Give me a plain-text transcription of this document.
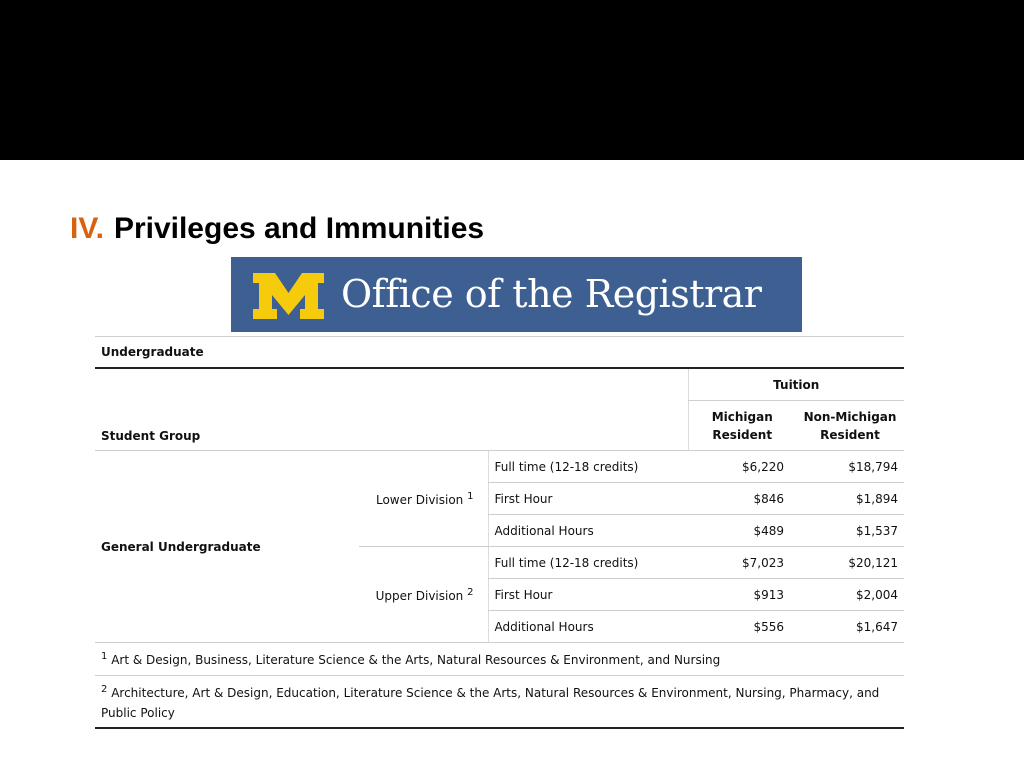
IV. Privileges and Immunities
Office of the Registrar
Undergraduate				
Student Group			Tuition	
			Michigan Resident	Non-Michigan Resident
General Undergraduate	Lower Division $^1$	Full time (12-18 credits)	$6,220	$18,794
		First Hour	$846	$1,894
		Additional Hours	$489	$1,537
	Upper Division $^2$	Full time (12-18 credits)	$7,023	$20,121
		First Hour	$913	$2,004
		Additional Hours	$556	$1,647
$^1$ Art & Design, Business, Literature Science & the Arts, Natural Resources & Environment, and Nursing				
$^2$ Architecture, Art & Design, Education, Literature Science & the Arts, Natural Resources & Environment, Nursing, Pharmacy, and Public Policy				
